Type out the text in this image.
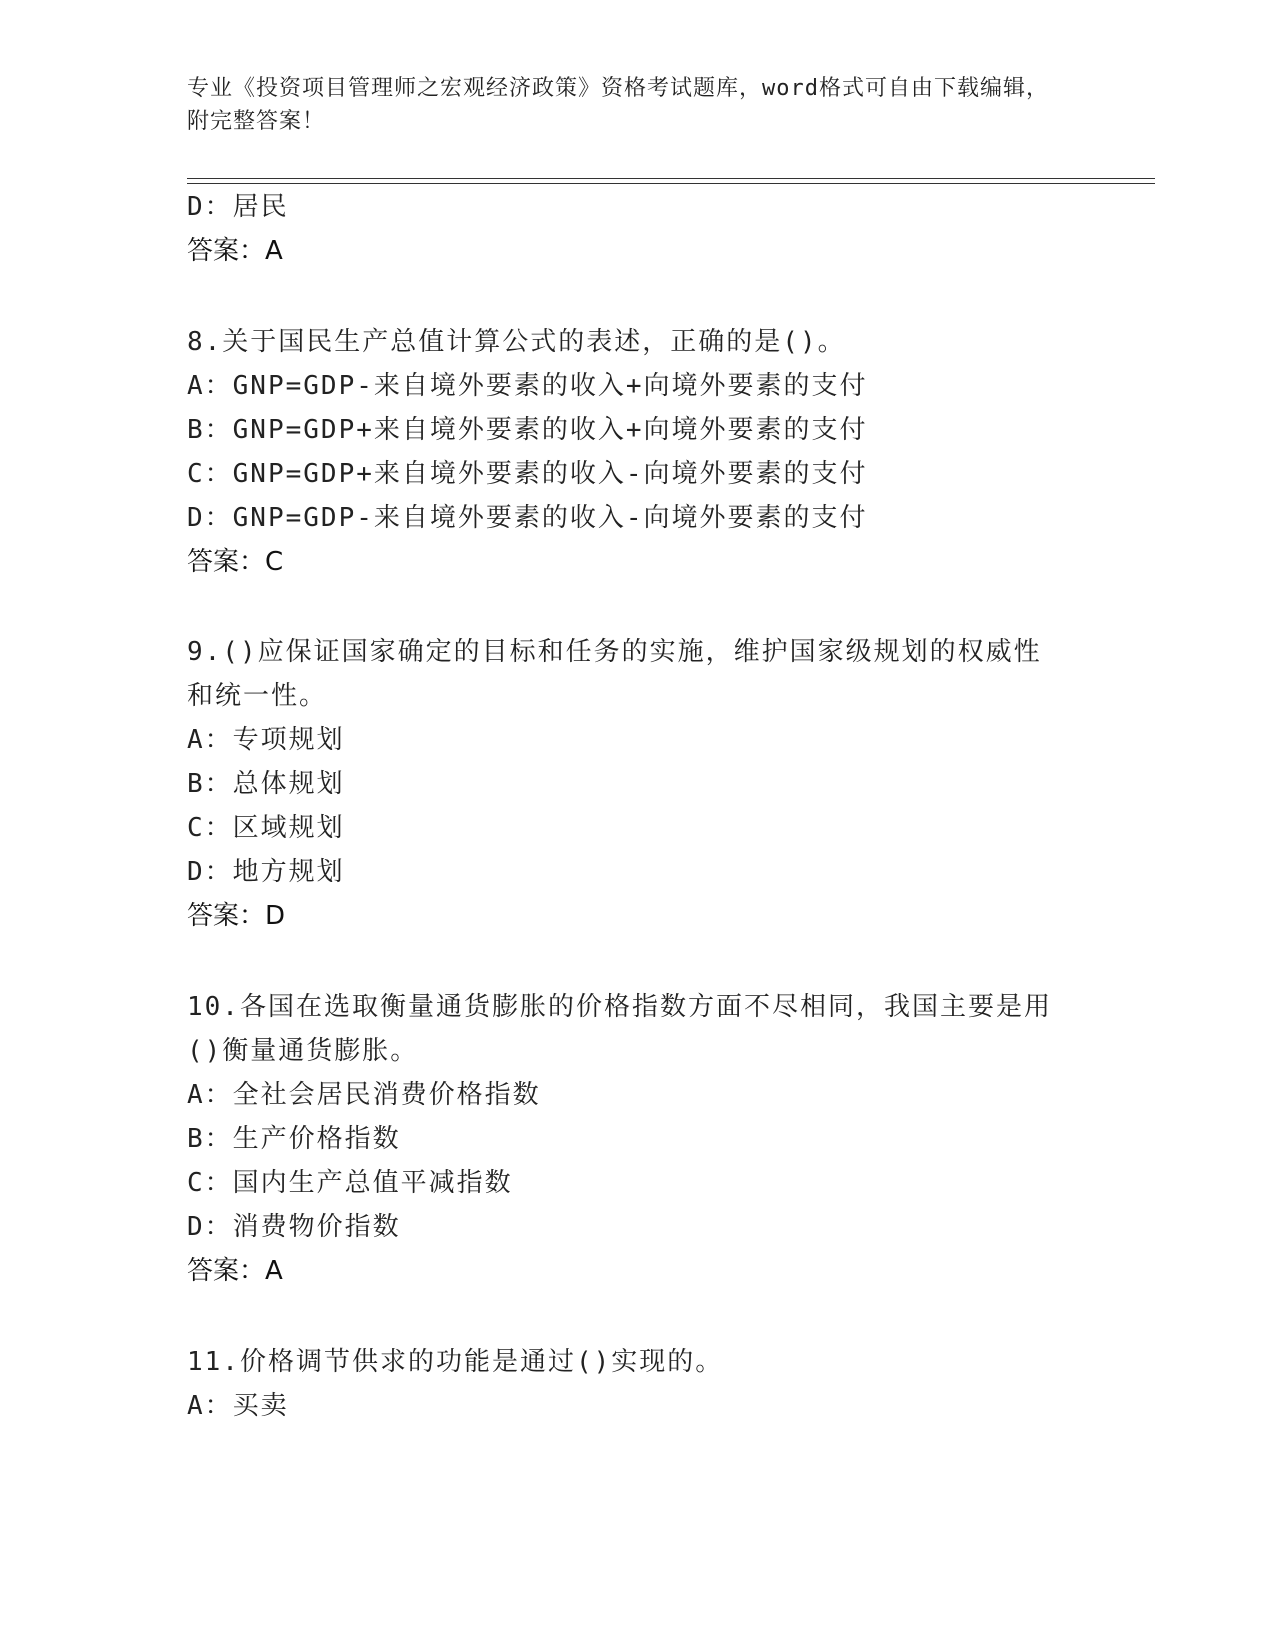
专业《投资项目管理师之宏观经济政策》资格考试题库，word格式可自由下载编辑，附完整答案！
D：居民
答案：A
8.关于国民生产总值计算公式的表述，正确的是()。
A：GNP=GDP-来自境外要素的收入+向境外要素的支付
B：GNP=GDP+来自境外要素的收入+向境外要素的支付
C：GNP=GDP+来自境外要素的收入-向境外要素的支付
D：GNP=GDP-来自境外要素的收入-向境外要素的支付
答案：C
9.()应保证国家确定的目标和任务的实施，维护国家级规划的权威性
和统一性。
A：专项规划
B：总体规划
C：区域规划
D：地方规划
答案：D
10.各国在选取衡量通货膨胀的价格指数方面不尽相同，我国主要是用
()衡量通货膨胀。
A：全社会居民消费价格指数
B：生产价格指数
C：国内生产总值平减指数
D：消费物价指数
答案：A
11.价格调节供求的功能是通过()实现的。
A：买卖
